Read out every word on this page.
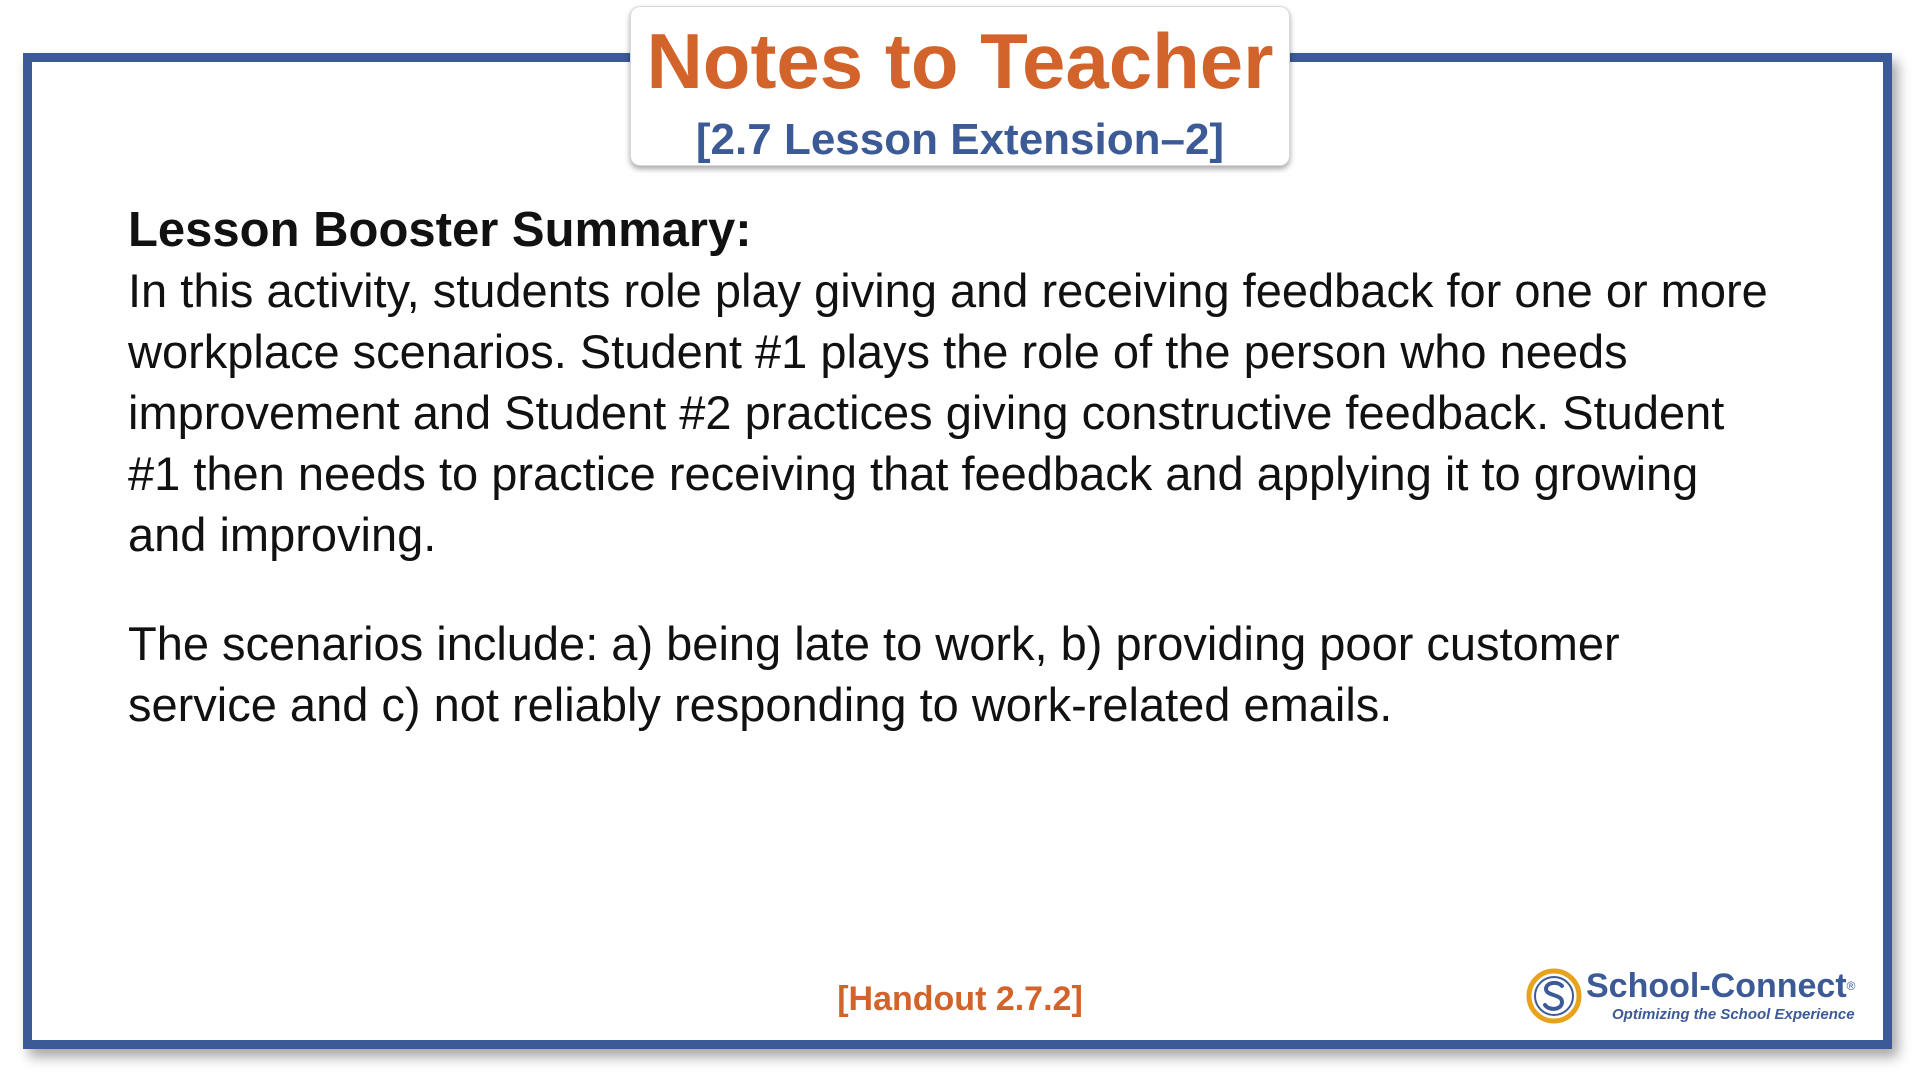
Notes to Teacher
[2.7 Lesson Extension–2]

Lesson Booster Summary:

In this activity, students role play giving and receiving feedback for one or more workplace scenarios. Student #1 plays the role of the person who needs improvement and Student #2 practices giving constructive feedback. Student #1 then needs to practice receiving that feedback and applying it to growing and improving.

The scenarios include: a) being late to work, b) providing poor customer service and c) not reliably responding to work-related emails.

[Handout 2.7.2]	School-Connect®
Optimizing the School Experience
